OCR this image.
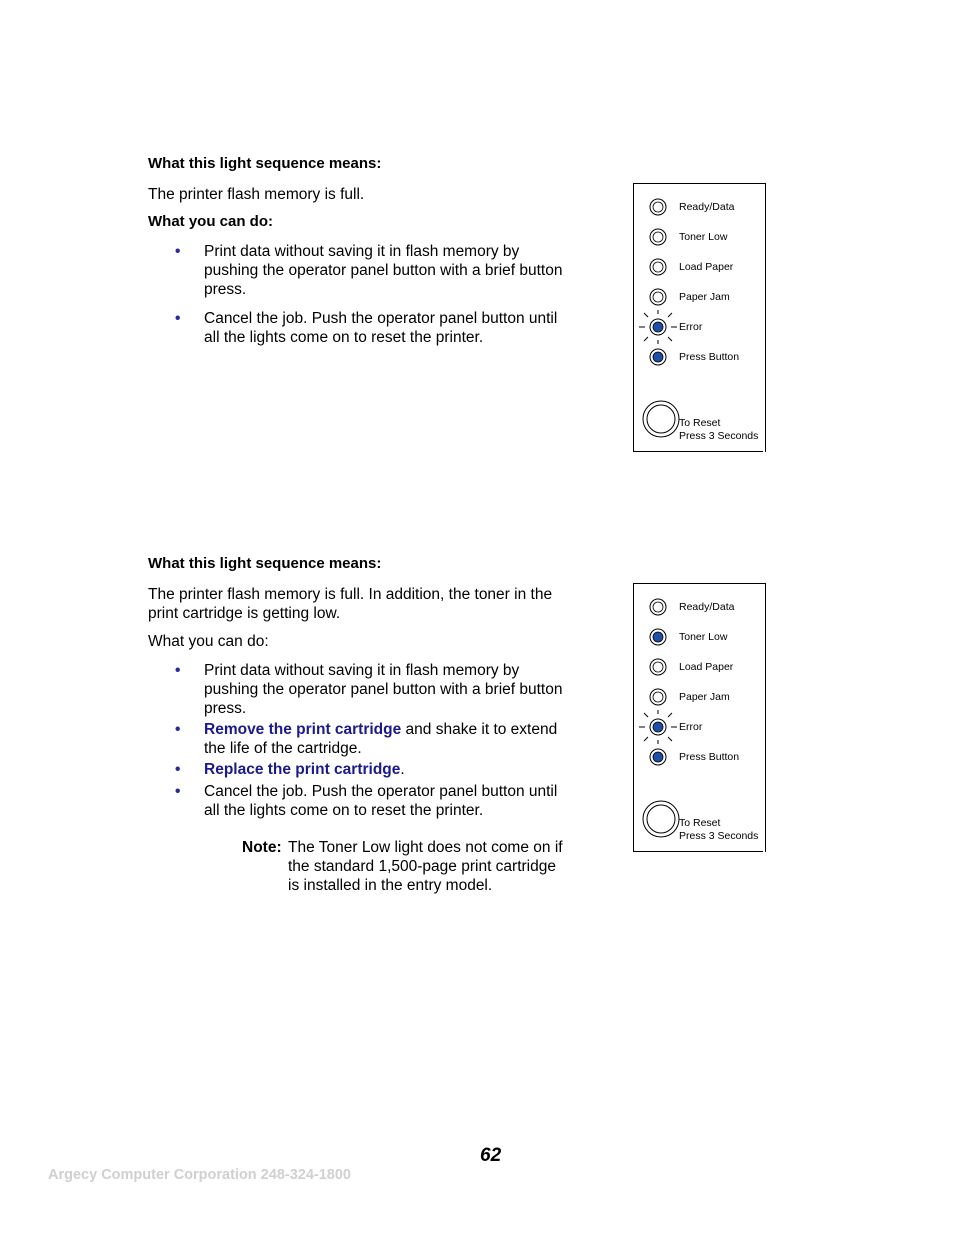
What this light sequence means:
The printer flash memory is full.
What you can do:
• Print data without saving it in flash memory by pushing the operator panel button with a brief button press.
• Cancel the job. Push the operator panel button until all the lights come on to reset the printer.
Ready/Data
Toner Low
Load Paper
Paper Jam
Error
Press Button
To Reset
Press 3 Seconds
What this light sequence means:
The printer flash memory is full. In addition, the toner in the print cartridge is getting low.
What you can do:
• Print data without saving it in flash memory by pushing the operator panel button with a brief button press.
• Remove the print cartridge and shake it to extend the life of the cartridge.
• Replace the print cartridge.
• Cancel the job. Push the operator panel button until all the lights come on to reset the printer.
Note: The Toner Low light does not come on if the standard 1,500-page print cartridge is installed in the entry model.
Ready/Data
Toner Low
Load Paper
Paper Jam
Error
Press Button
To Reset
Press 3 Seconds
62
Argecy Computer Corporation 248-324-1800
